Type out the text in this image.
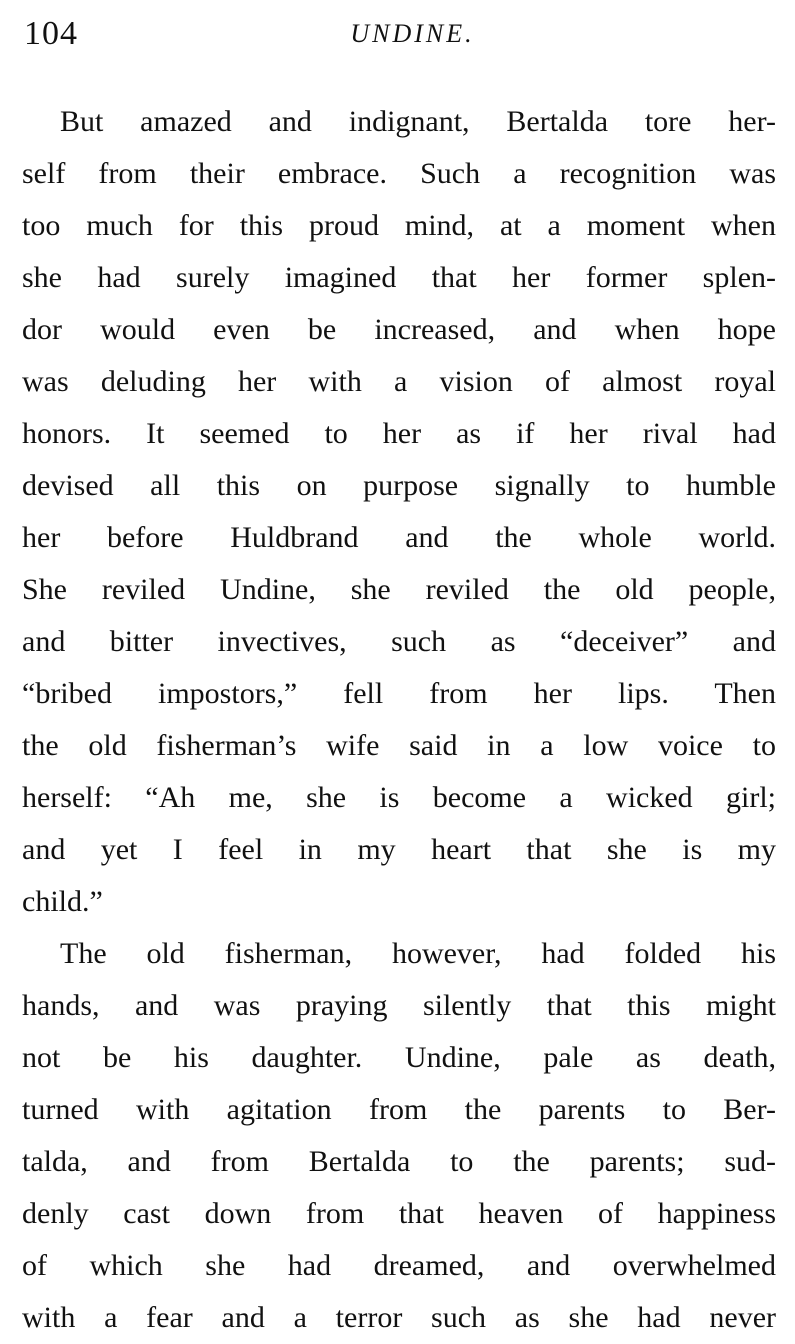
104	UNDINE.
But amazed and indignant, Bertalda tore her-
self from their embrace. Such a recognition was
too much for this proud mind, at a moment when
she had surely imagined that her former splen-
dor would even be increased, and when hope
was deluding her with a vision of almost royal
honors. It seemed to her as if her rival had
devised all this on purpose signally to humble
her before Huldbrand and the whole world.
She reviled Undine, she reviled the old people,
and bitter invectives, such as “deceiver” and
“bribed impostors,” fell from her lips. Then
the old fisherman’s wife said in a low voice to
herself: “Ah me, she is become a wicked girl;
and yet I feel in my heart that she is my
child.”
The old fisherman, however, had folded his
hands, and was praying silently that this might
not be his daughter. Undine, pale as death,
turned with agitation from the parents to Ber-
talda, and from Bertalda to the parents; sud-
denly cast down from that heaven of happiness
of which she had dreamed, and overwhelmed
with a fear and a terror such as she had never
